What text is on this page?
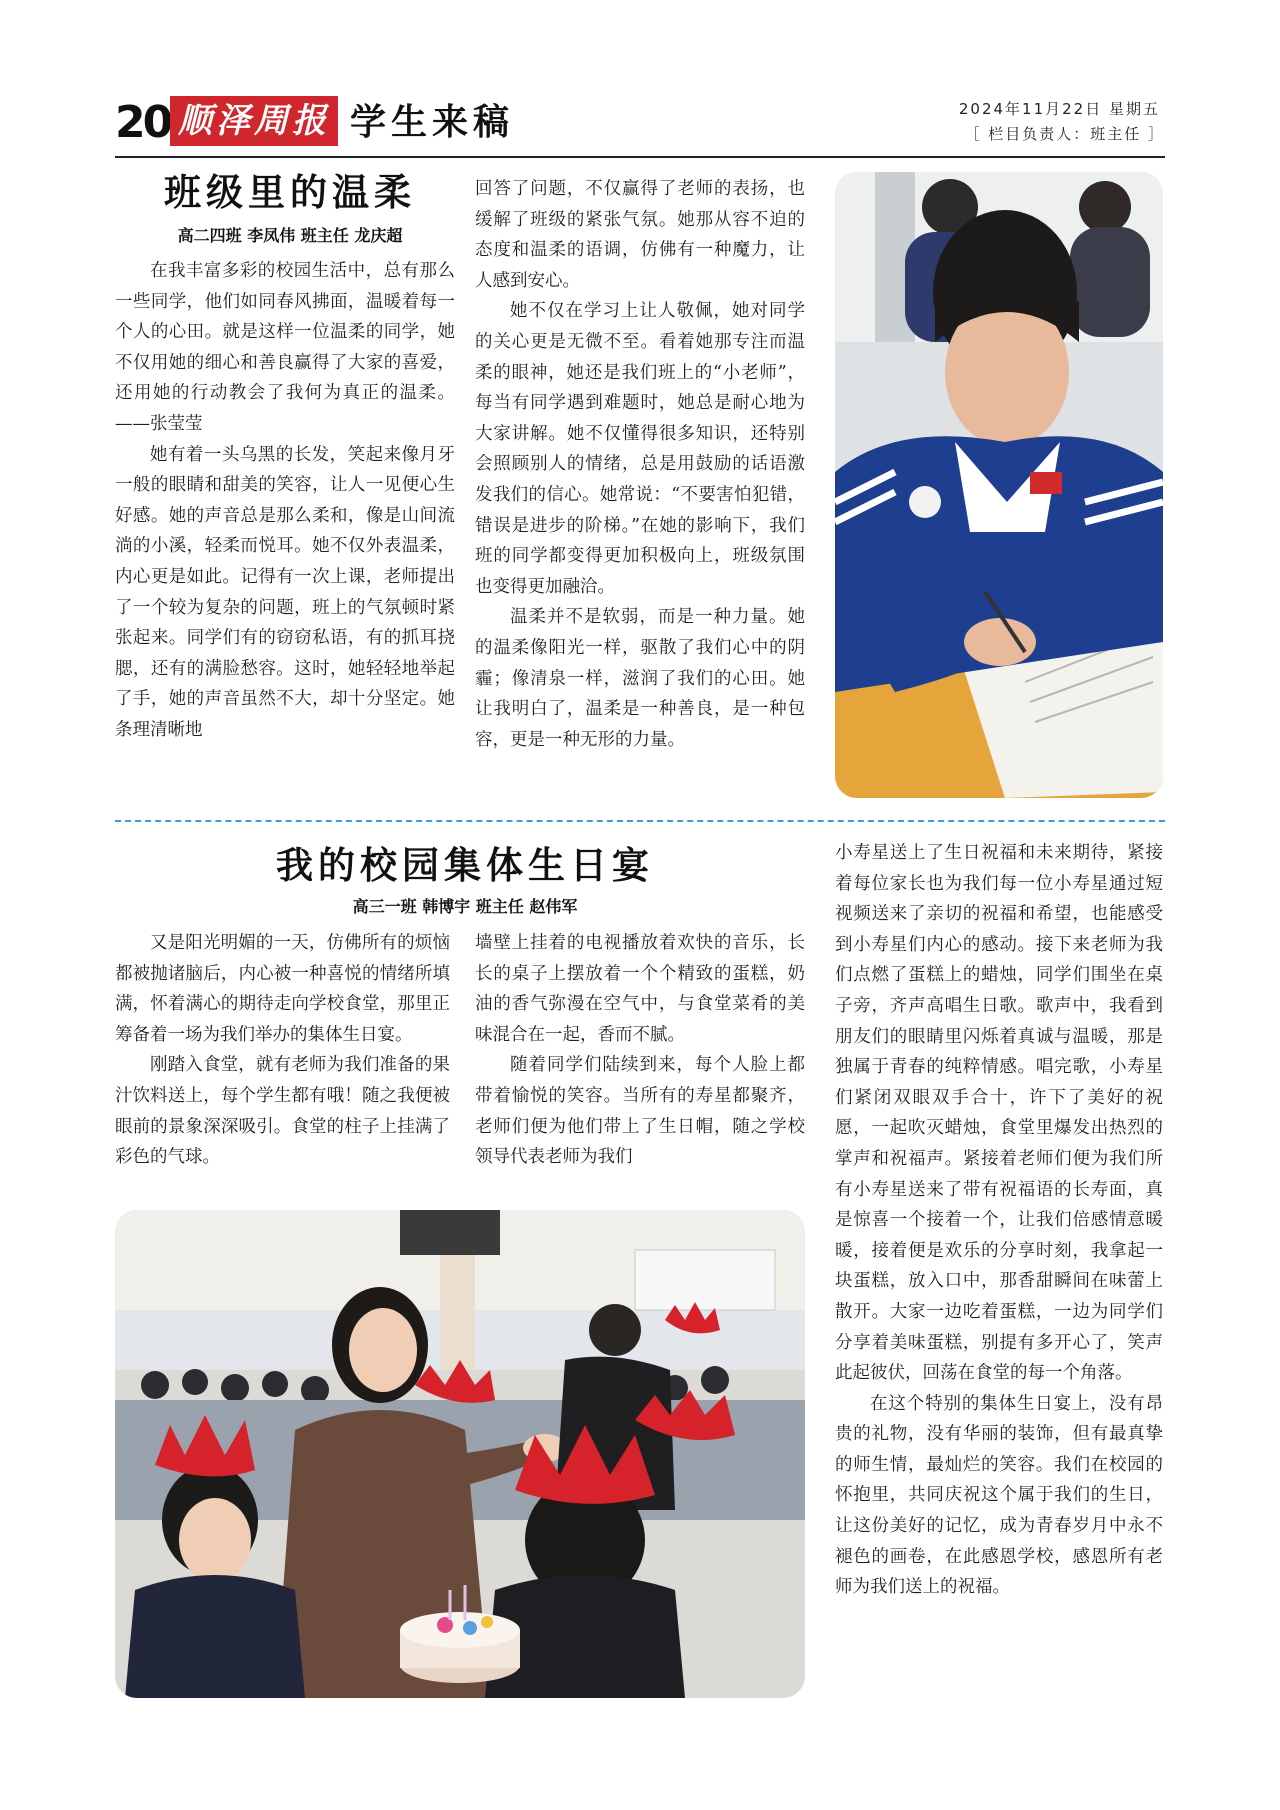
20 顺泽周报 学生来稿	2024年11月22日 星期五
［ 栏目负责人：班主任 ］
班级里的温柔
高二四班 李凤伟 班主任 龙庆超

在我丰富多彩的校园生活中，总有那么一些同学，他们如同春风拂面，温暖着每一个人的心田。就是这样一位温柔的同学，她不仅用她的细心和善良赢得了大家的喜爱，还用她的行动教会了我何为真正的温柔。——张莹莹

她有着一头乌黑的长发，笑起来像月牙一般的眼睛和甜美的笑容，让人一见便心生好感。她的声音总是那么柔和，像是山间流淌的小溪，轻柔而悦耳。她不仅外表温柔，内心更是如此。记得有一次上课，老师提出了一个较为复杂的问题，班上的气氛顿时紧张起来。同学们有的窃窃私语，有的抓耳挠腮，还有的满脸愁容。这时，她轻轻地举起了手，她的声音虽然不大，却十分坚定。她条理清晰地

回答了问题，不仅赢得了老师的表扬，也缓解了班级的紧张气氛。她那从容不迫的态度和温柔的语调，仿佛有一种魔力，让人感到安心。

她不仅在学习上让人敬佩，她对同学的关心更是无微不至。看着她那专注而温柔的眼神，她还是我们班上的“小老师”，每当有同学遇到难题时，她总是耐心地为大家讲解。她不仅懂得很多知识，还特别会照顾别人的情绪，总是用鼓励的话语激发我们的信心。她常说：“不要害怕犯错，错误是进步的阶梯。”在她的影响下，我们班的同学都变得更加积极向上，班级氛围也变得更加融洽。

温柔并不是软弱，而是一种力量。她的温柔像阳光一样，驱散了我们心中的阴霾；像清泉一样，滋润了我们的心田。她让我明白了，温柔是一种善良，是一种包容，更是一种无形的力量。

我的校园集体生日宴
高三一班 韩博宇 班主任 赵伟军

又是阳光明媚的一天，仿佛所有的烦恼都被抛诸脑后，内心被一种喜悦的情绪所填满，怀着满心的期待走向学校食堂，那里正筹备着一场为我们举办的集体生日宴。

刚踏入食堂，就有老师为我们准备的果汁饮料送上，每个学生都有哦！随之我便被眼前的景象深深吸引。食堂的柱子上挂满了彩色的气球。

墙壁上挂着的电视播放着欢快的音乐，长长的桌子上摆放着一个个精致的蛋糕，奶油的香气弥漫在空气中，与食堂菜肴的美味混合在一起，香而不腻。

随着同学们陆续到来，每个人脸上都带着愉悦的笑容。当所有的寿星都聚齐，老师们便为他们带上了生日帽，随之学校领导代表老师为我们

小寿星送上了生日祝福和未来期待，紧接着每位家长也为我们每一位小寿星通过短视频送来了亲切的祝福和希望，也能感受到小寿星们内心的感动。接下来老师为我们点燃了蛋糕上的蜡烛，同学们围坐在桌子旁，齐声高唱生日歌。歌声中，我看到朋友们的眼睛里闪烁着真诚与温暖，那是独属于青春的纯粹情感。唱完歌，小寿星们紧闭双眼双手合十，许下了美好的祝愿，一起吹灭蜡烛，食堂里爆发出热烈的掌声和祝福声。紧接着老师们便为我们所有小寿星送来了带有祝福语的长寿面，真是惊喜一个接着一个，让我们倍感情意暖暖，接着便是欢乐的分享时刻，我拿起一块蛋糕，放入口中，那香甜瞬间在味蕾上散开。大家一边吃着蛋糕，一边为同学们分享着美味蛋糕，别提有多开心了，笑声此起彼伏，回荡在食堂的每一个角落。

在这个特别的集体生日宴上，没有昂贵的礼物，没有华丽的装饰，但有最真挚的师生情，最灿烂的笑容。我们在校园的怀抱里，共同庆祝这个属于我们的生日，让这份美好的记忆，成为青春岁月中永不褪色的画卷，在此感恩学校，感恩所有老师为我们送上的祝福。
